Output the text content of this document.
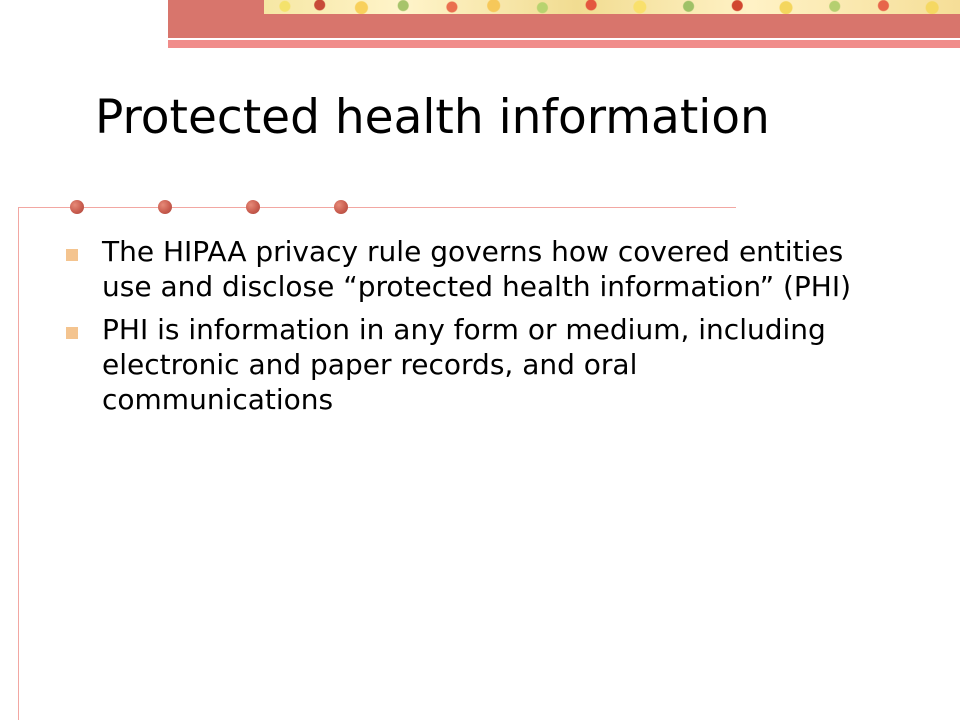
Protected health information
The HIPAA privacy rule governs how covered entities use and disclose “protected health information” (PHI)
PHI is information in any form or medium, including electronic and paper records, and oral communications
